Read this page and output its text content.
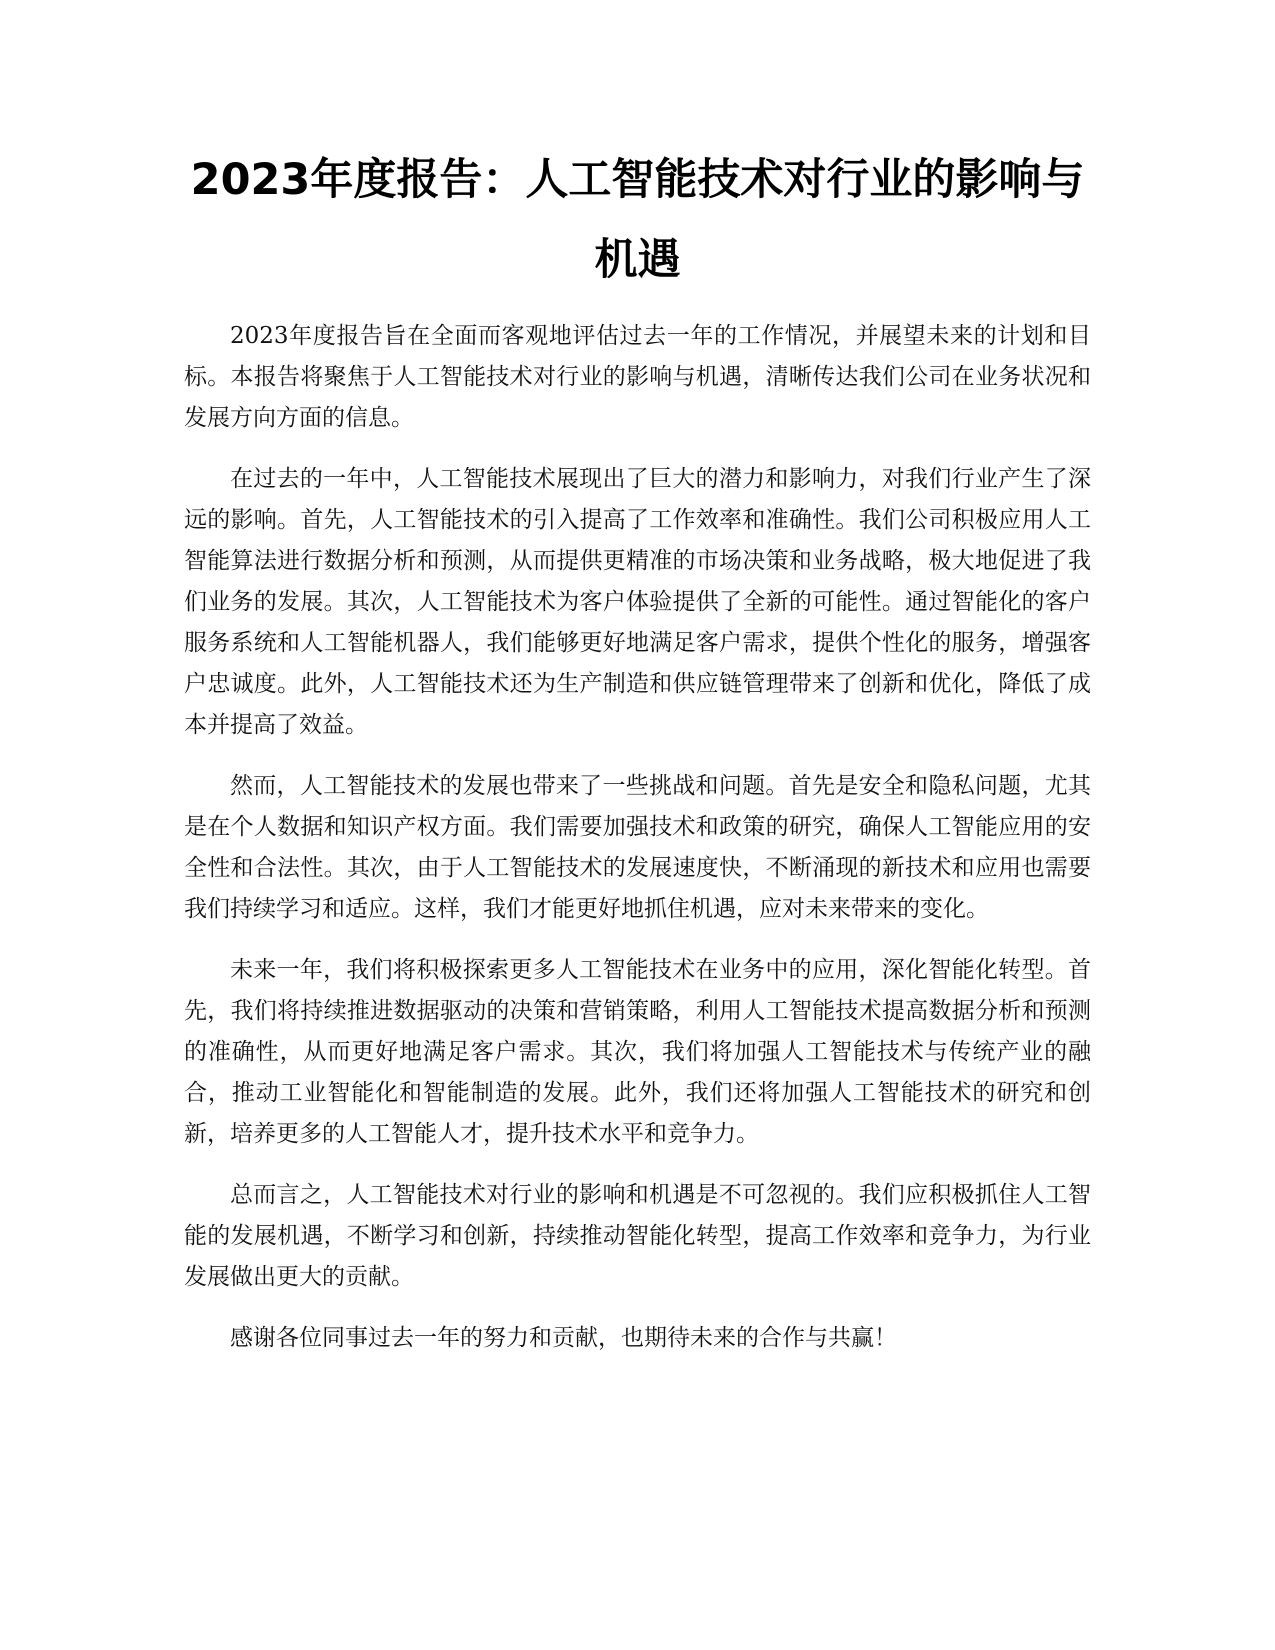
2023年度报告：人工智能技术对行业的影响与机遇

2023年度报告旨在全面而客观地评估过去一年的工作情况，并展望未来的计划和目标。本报告将聚焦于人工智能技术对行业的影响与机遇，清晰传达我们公司在业务状况和发展方向方面的信息。

在过去的一年中，人工智能技术展现出了巨大的潜力和影响力，对我们行业产生了深远的影响。首先，人工智能技术的引入提高了工作效率和准确性。我们公司积极应用人工智能算法进行数据分析和预测，从而提供更精准的市场决策和业务战略，极大地促进了我们业务的发展。其次，人工智能技术为客户体验提供了全新的可能性。通过智能化的客户服务系统和人工智能机器人，我们能够更好地满足客户需求，提供个性化的服务，增强客户忠诚度。此外，人工智能技术还为生产制造和供应链管理带来了创新和优化，降低了成本并提高了效益。

然而，人工智能技术的发展也带来了一些挑战和问题。首先是安全和隐私问题，尤其是在个人数据和知识产权方面。我们需要加强技术和政策的研究，确保人工智能应用的安全性和合法性。其次，由于人工智能技术的发展速度快，不断涌现的新技术和应用也需要我们持续学习和适应。这样，我们才能更好地抓住机遇，应对未来带来的变化。

未来一年，我们将积极探索更多人工智能技术在业务中的应用，深化智能化转型。首先，我们将持续推进数据驱动的决策和营销策略，利用人工智能技术提高数据分析和预测的准确性，从而更好地满足客户需求。其次，我们将加强人工智能技术与传统产业的融合，推动工业智能化和智能制造的发展。此外，我们还将加强人工智能技术的研究和创新，培养更多的人工智能人才，提升技术水平和竞争力。

总而言之，人工智能技术对行业的影响和机遇是不可忽视的。我们应积极抓住人工智能的发展机遇，不断学习和创新，持续推动智能化转型，提高工作效率和竞争力，为行业发展做出更大的贡献。

感谢各位同事过去一年的努力和贡献，也期待未来的合作与共赢！
